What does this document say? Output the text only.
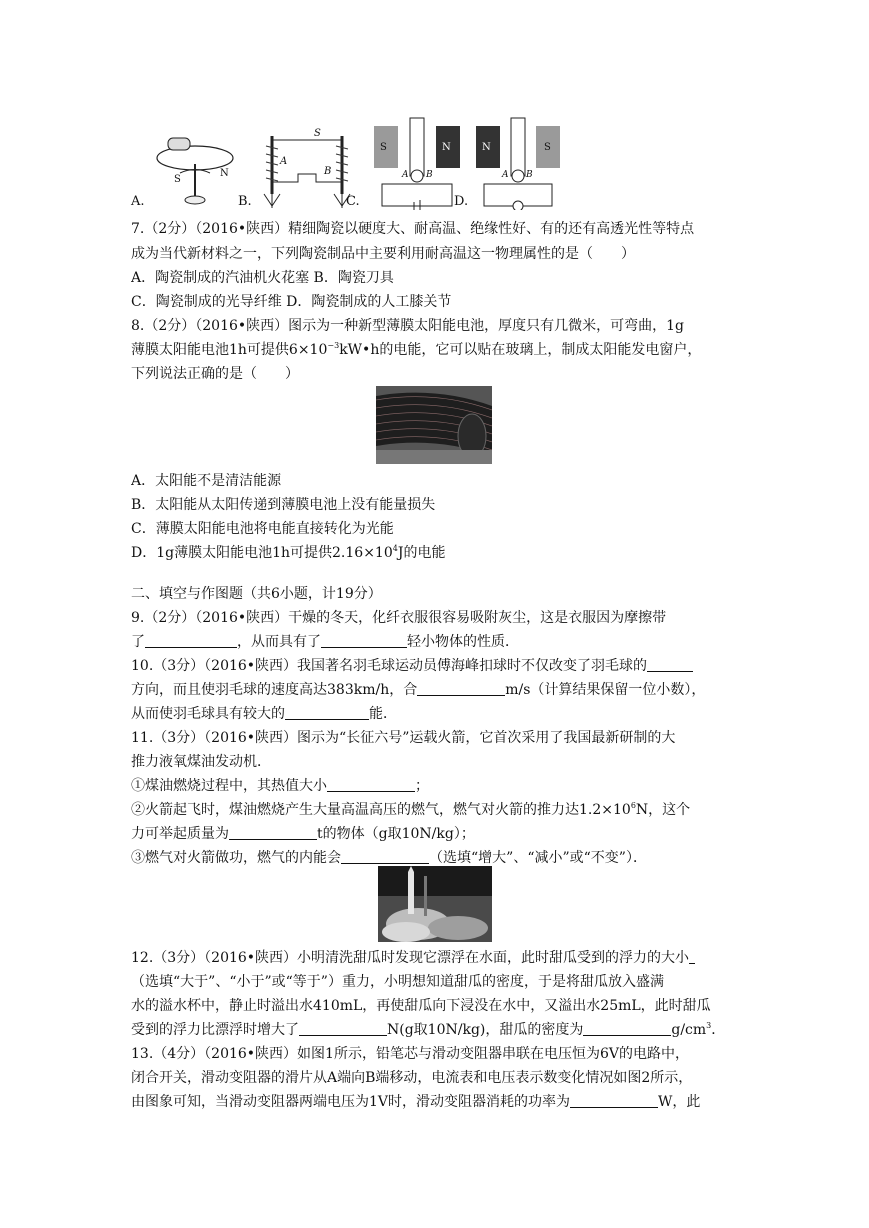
S
N
A.
S
A
B
B.
S	N
A B
C.
N	S
A B
D.
7.（2分）（2016•陕西）精细陶瓷以硬度大、耐高温、绝缘性好、有的还有高透光性等特点
成为当代新材料之一，下列陶瓷制品中主要利用耐高温这一物理属性的是（　　）
A．陶瓷制成的汽油机火花塞 B．陶瓷刀具
C．陶瓷制成的光导纤维 D．陶瓷制成的人工膝关节
8.（2分）（2016•陕西）图示为一种新型薄膜太阳能电池，厚度只有几微米，可弯曲，1g
薄膜太阳能电池1h可提供$6\times 10^{-3}kW•h$的电能，它可以贴在玻璃上，制成太阳能发电窗户，
下列说法正确的是（　　）
A．太阳能不是清洁能源
B．太阳能从太阳传递到薄膜电池上没有能量损失
C．薄膜太阳能电池将电能直接转化为光能
D．1g薄膜太阳能电池1h可提供$2.16\times 10^4J$的电能
二、填空与作图题（共6小题，计19分）
9.（2分）（2016•陕西）干燥的冬天，化纤衣服很容易吸附灰尘，这是衣服因为摩擦带
了	，从而具有了	轻小物体的性质．
10.（3分）（2016•陕西）我国著名羽毛球运动员傅海峰扣球时不仅改变了羽毛球的
方向，而且使羽毛球的速度高达383km/h，合	m/s（计算结果保留一位小数），
从而使羽毛球具有较大的	能．
11.（3分）（2016•陕西）图示为“长征六号”运载火箭，它首次采用了我国最新研制的大
推力液氧煤油发动机．
①煤油燃烧过程中，其热值大小	；
②火箭起飞时，煤油燃烧产生大量高温高压的燃气，燃气对火箭的推力达$1.2\times 10^6N$，这个
力可举起质量为	t的物体（g取10N/kg）；
③燃气对火箭做功，燃气的内能会	（选填“增大”、“减小”或“不变”）．
12.（3分）（2016•陕西）小明清洗甜瓜时发现它漂浮在水面，此时甜瓜受到的浮力的大小
（选填“大于”、“小于”或“等于”）重力，小明想知道甜瓜的密度，于是将甜瓜放入盛满
水的溢水杯中，静止时溢出水410mL，再使甜瓜向下浸没在水中，又溢出水25mL，此时甜瓜
受到的浮力比漂浮时增大了	N(g取10N/kg)，甜瓜的密度为	$g/cm^3$．
13.（4分）（2016•陕西）如图1所示，铅笔芯与滑动变阻器串联在电压恒为6V的电路中，
闭合开关，滑动变阻器的滑片从A端向B端移动，电流表和电压表示数变化情况如图2所示，
由图象可知，当滑动变阻器两端电压为1V时，滑动变阻器消耗的功率为	W，此
